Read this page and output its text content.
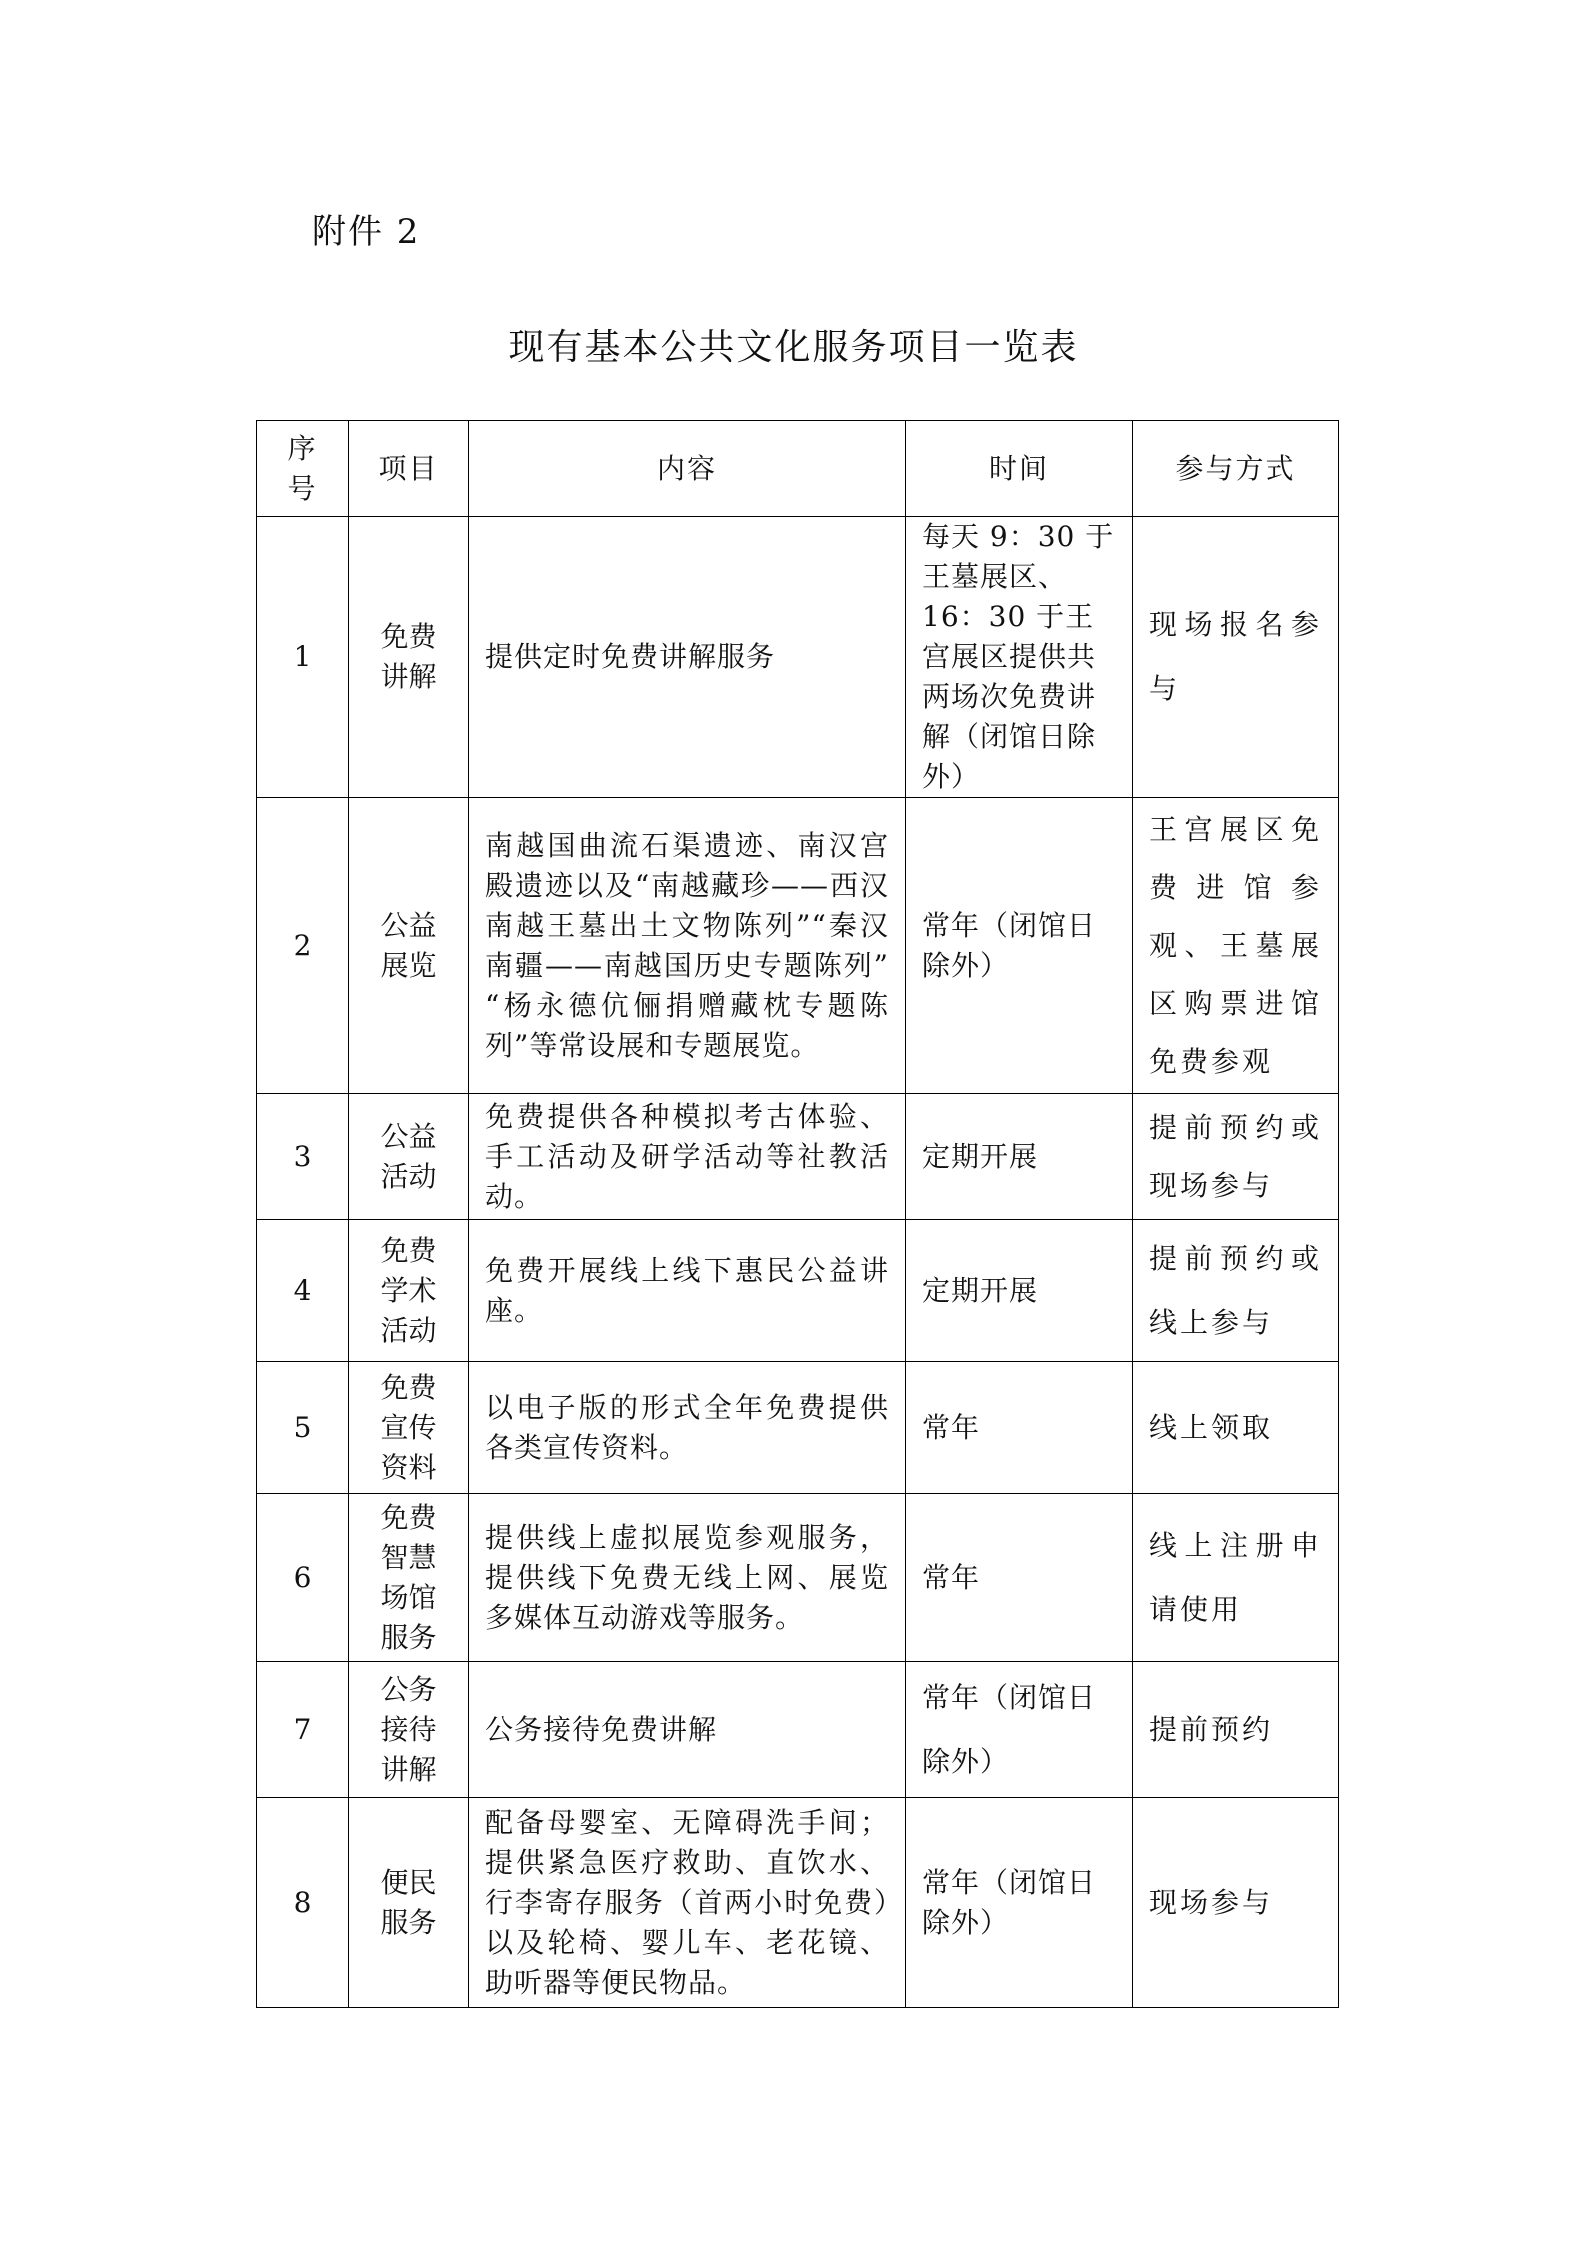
附件 2
现有基本公共文化服务项目一览表
序号	项目	内容	时间	参与方式
1	免费讲解	提供定时免费讲解服务	每天 9：30 于王墓展区、16：30 于王宫展区提供共两场次免费讲解（闭馆日除外）	现场报名参与
2	公益展览	南越国曲流石渠遗迹、南汉宫殿遗迹以及“南越藏珍——西汉南越王墓出土文物陈列”“秦汉南疆——南越国历史专题陈列” “杨永德伉俪捐赠藏枕专题陈列”等常设展和专题展览。	常年（闭馆日除外）	王宫展区免费进馆参观、王墓展区购票进馆免费参观
3	公益活动	免费提供各种模拟考古体验、手工活动及研学活动等社教活动。	定期开展	提前预约或现场参与
4	免费学术活动	免费开展线上线下惠民公益讲座。	定期开展	提前预约或线上参与
5	免费宣传资料	以电子版的形式全年免费提供各类宣传资料。	常年	线上领取
6	免费智慧场馆服务	提供线上虚拟展览参观服务，提供线下免费无线上网、展览多媒体互动游戏等服务。	常年	线上注册申请使用
7	公务接待讲解	公务接待免费讲解	常年（闭馆日除外）	提前预约
8	便民服务	配备母婴室、无障碍洗手间；提供紧急医疗救助、直饮水、行李寄存服务（首两小时免费）以及轮椅、婴儿车、老花镜、助听器等便民物品。	常年（闭馆日除外）	现场参与
